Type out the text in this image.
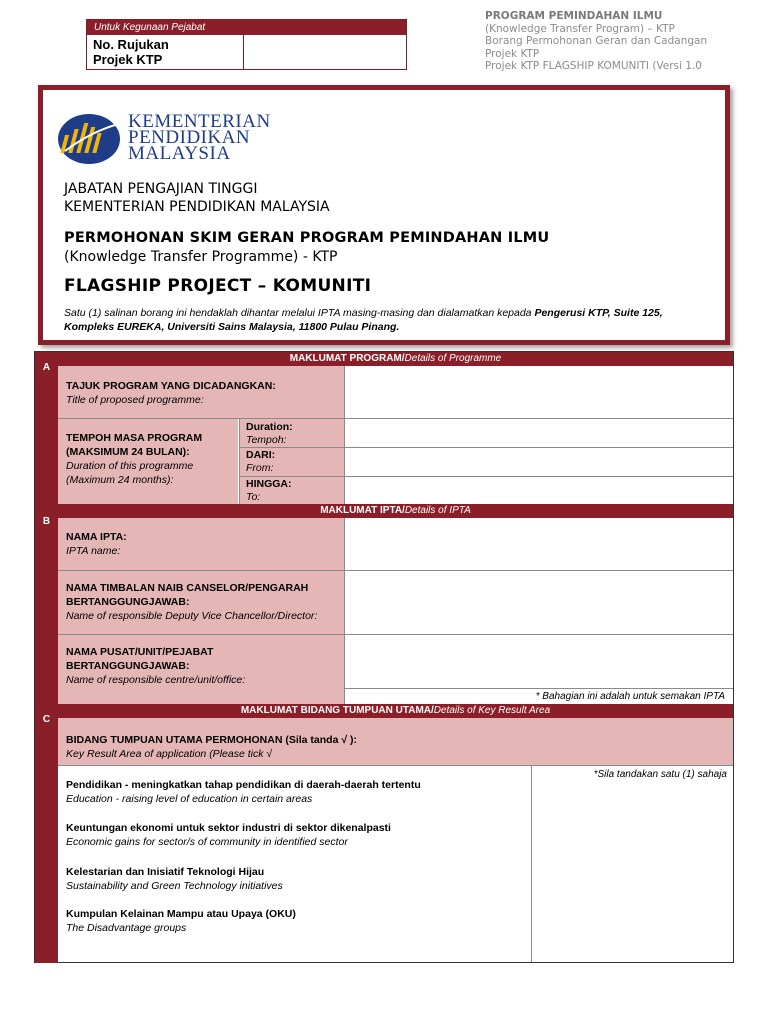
Untuk Kegunaan Pejabat
No. Rujukan
Projek KTP
PROGRAM PEMINDAHAN ILMU
(Knowledge Transfer Program) – KTP
Borang Permohonan Geran dan Cadangan
Projek KTP
Projek KTP FLAGSHIP KOMUNITI (Versi 1.0
KEMENTERIAN
PENDIDIKAN
MALAYSIA
JABATAN PENGAJIAN TINGGI
KEMENTERIAN PENDIDIKAN MALAYSIA
PERMOHONAN SKIM GERAN PROGRAM PEMINDAHAN ILMU
(Knowledge Transfer Programme) - KTP
FLAGSHIP PROJECT – KOMUNITI
Satu (1) salinan borang ini hendaklah dihantar melalui IPTA masing-masing dan dialamatkan kepada Pengerusi KTP, Suite 125, Kompleks EUREKA, Universiti Sains Malaysia, 11800 Pulau Pinang.
A
B
C
MAKLUMAT PROGRAM/Details of Programme
TAJUK PROGRAM YANG DICADANGKAN:
Title of proposed programme:
TEMPOH MASA PROGRAM
(MAKSIMUM 24 BULAN):
Duration of this programme
(Maximum 24 months):
Duration:
Tempoh:
DARI:
From:
HINGGA:
To:
MAKLUMAT IPTA/Details of IPTA
NAMA IPTA:
IPTA name:
NAMA TIMBALAN NAIB CANSELOR/PENGARAH
BERTANGGUNGJAWAB:
Name of responsible Deputy Vice Chancellor/Director:
NAMA PUSAT/UNIT/PEJABAT
BERTANGGUNGJAWAB:
Name of responsible centre/unit/office:
* Bahagian ini adalah untuk semakan IPTA
MAKLUMAT BIDANG TUMPUAN UTAMA/Details of Key Result Area
BIDANG TUMPUAN UTAMA PERMOHONAN (Sila tanda √ ):
Key Result Area of application (Please tick √
Pendidikan - meningkatkan tahap pendidikan di daerah-daerah tertentu
Education - raising level of education in certain areas
Keuntungan ekonomi untuk sektor industri di sektor dikenalpasti
Economic gains for sector/s of community in identified sector
Kelestarian dan Inisiatif Teknologi Hijau
Sustainability and Green Technology initiatives
Kumpulan Kelainan Mampu atau Upaya (OKU)
The Disadvantage groups
*Sila tandakan satu (1) sahaja
